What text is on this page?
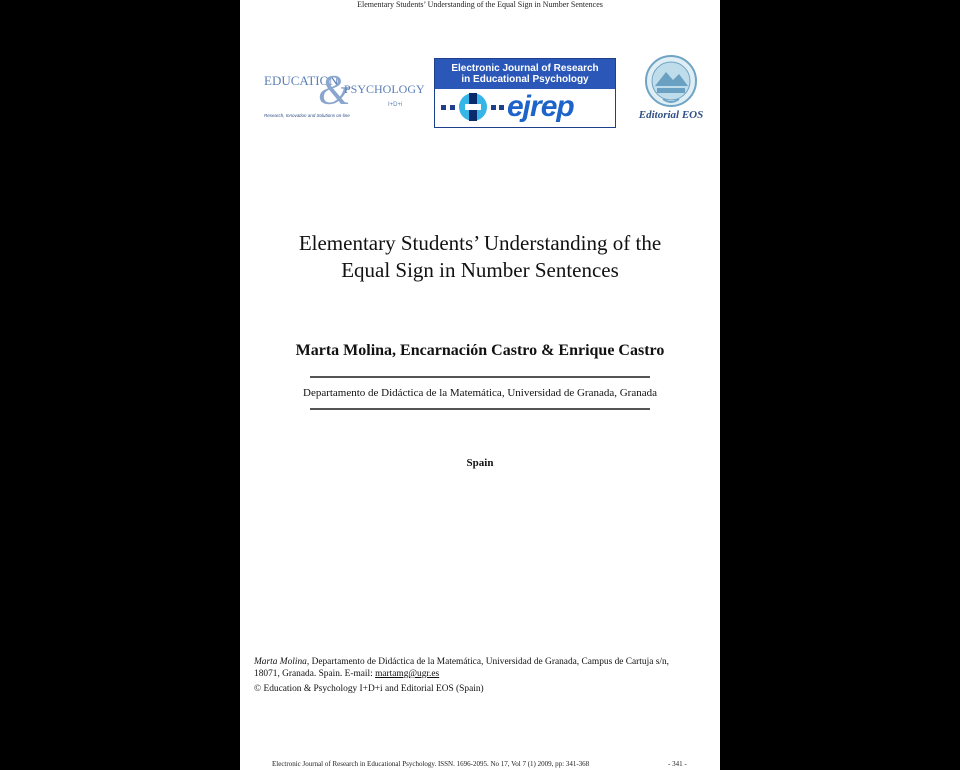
Elementary Students’ Understanding of the Equal Sign in Number Sentences
EDUCATION
&
PSYCHOLOGY
I+D+i
Research, Innovation and Solutions on-line
Electronic Journal of Research
in Educational Psychology
ejrep	Editorial EOS
Elementary Students’ Understanding of the
Equal Sign in Number Sentences
Marta Molina, Encarnación Castro & Enrique Castro
Departamento de Didáctica de la Matemática, Universidad de Granada, Granada
Spain
Marta Molina, Departamento de Didáctica de la Matemática, Universidad de Granada, Campus de Cartuja s/n,
18071, Granada. Spain. E-mail: martamg@ugr.es
© Education & Psychology I+D+i and Editorial EOS (Spain)
Electronic Journal of Research in Educational Psychology. ISSN. 1696-2095. No 17, Vol 7 (1) 2009, pp: 341-368	- 341 -
